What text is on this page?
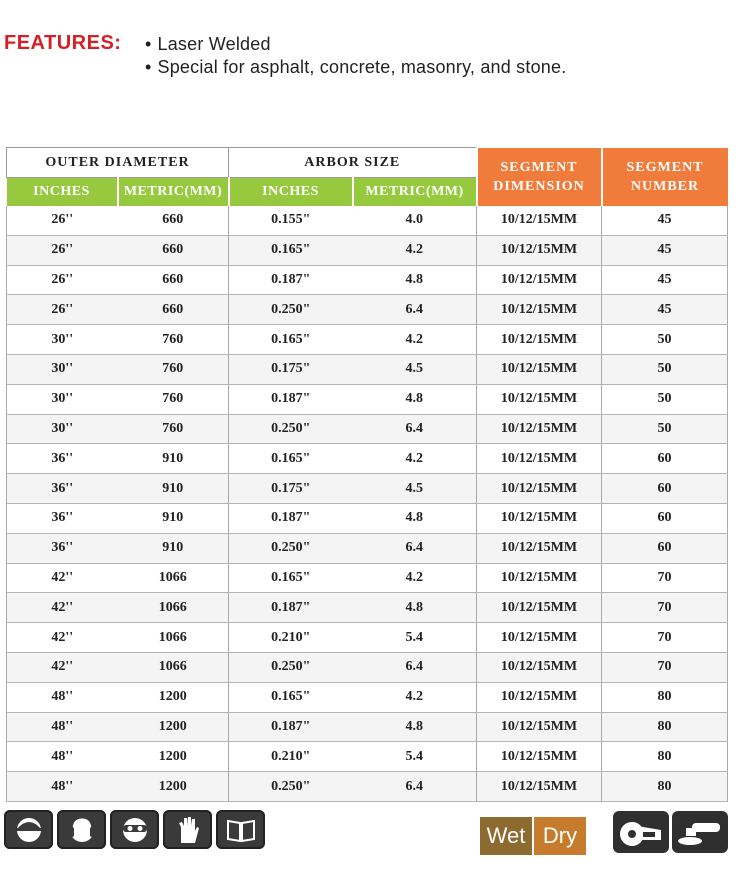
FEATURES: • Laser Welded
• Special for asphalt, concrete, masonry, and stone.
OUTER DIAMETER		ARBOR SIZE		SEGMENT DIMENSION	SEGMENT NUMBER
INCHES	METRIC(MM)	INCHES	METRIC(MM)		
26''	660	0.155"	4.0	10/12/15MM	45
26''	660	0.165"	4.2	10/12/15MM	45
26''	660	0.187"	4.8	10/12/15MM	45
26''	660	0.250"	6.4	10/12/15MM	45
30''	760	0.165"	4.2	10/12/15MM	50
30''	760	0.175"	4.5	10/12/15MM	50
30''	760	0.187"	4.8	10/12/15MM	50
30''	760	0.250"	6.4	10/12/15MM	50
36''	910	0.165"	4.2	10/12/15MM	60
36''	910	0.175"	4.5	10/12/15MM	60
36''	910	0.187"	4.8	10/12/15MM	60
36''	910	0.250"	6.4	10/12/15MM	60
42''	1066	0.165"	4.2	10/12/15MM	70
42''	1066	0.187"	4.8	10/12/15MM	70
42''	1066	0.210"	5.4	10/12/15MM	70
42''	1066	0.250"	6.4	10/12/15MM	70
48''	1200	0.165"	4.2	10/12/15MM	80
48''	1200	0.187"	4.8	10/12/15MM	80
48''	1200	0.210"	5.4	10/12/15MM	80
48''	1200	0.250"	6.4	10/12/15MM	80
Wet Dry
